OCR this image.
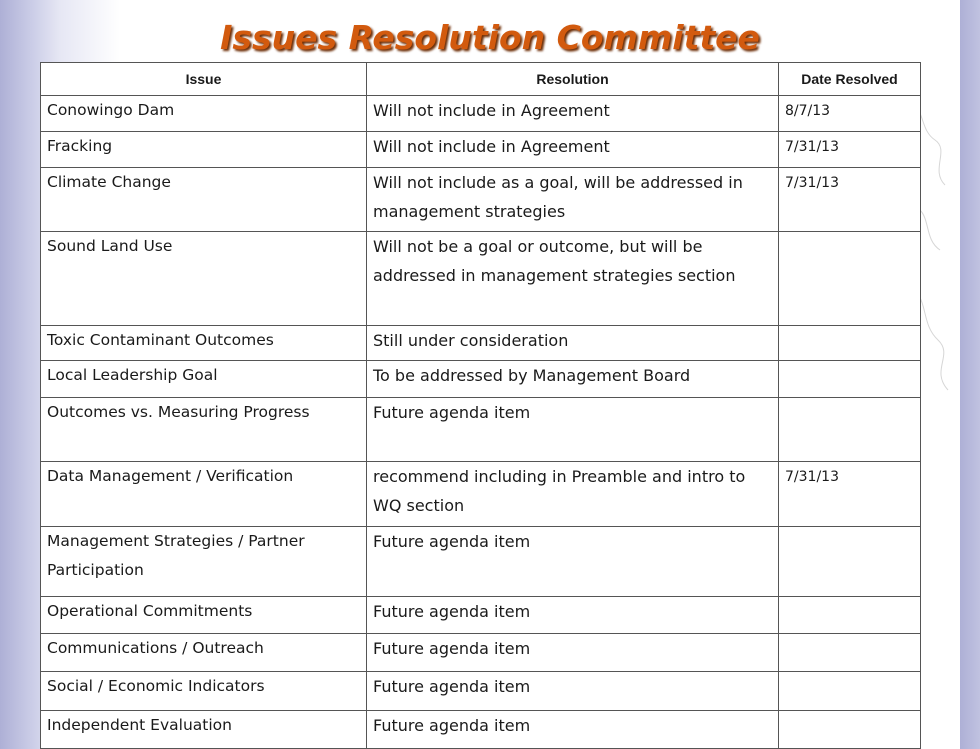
Issues Resolution Committee
Issue	Resolution	Date Resolved
Conowingo Dam	Will not include in Agreement	8/7/13
Fracking	Will not include in Agreement	7/31/13
Climate Change	Will not include as a goal, will be addressed in management strategies	7/31/13
Sound Land Use	Will not be a goal or outcome, but will be addressed in management strategies section	
Toxic Contaminant Outcomes	Still under consideration	
Local Leadership Goal	To be addressed by Management Board	
Outcomes vs. Measuring Progress	Future agenda item	
Data Management / Verification	recommend including in Preamble and intro to WQ section	7/31/13
Management Strategies / Partner Participation	Future agenda item	
Operational Commitments	Future agenda item	
Communications / Outreach	Future agenda item	
Social / Economic Indicators	Future agenda item	
Independent Evaluation	Future agenda item	
